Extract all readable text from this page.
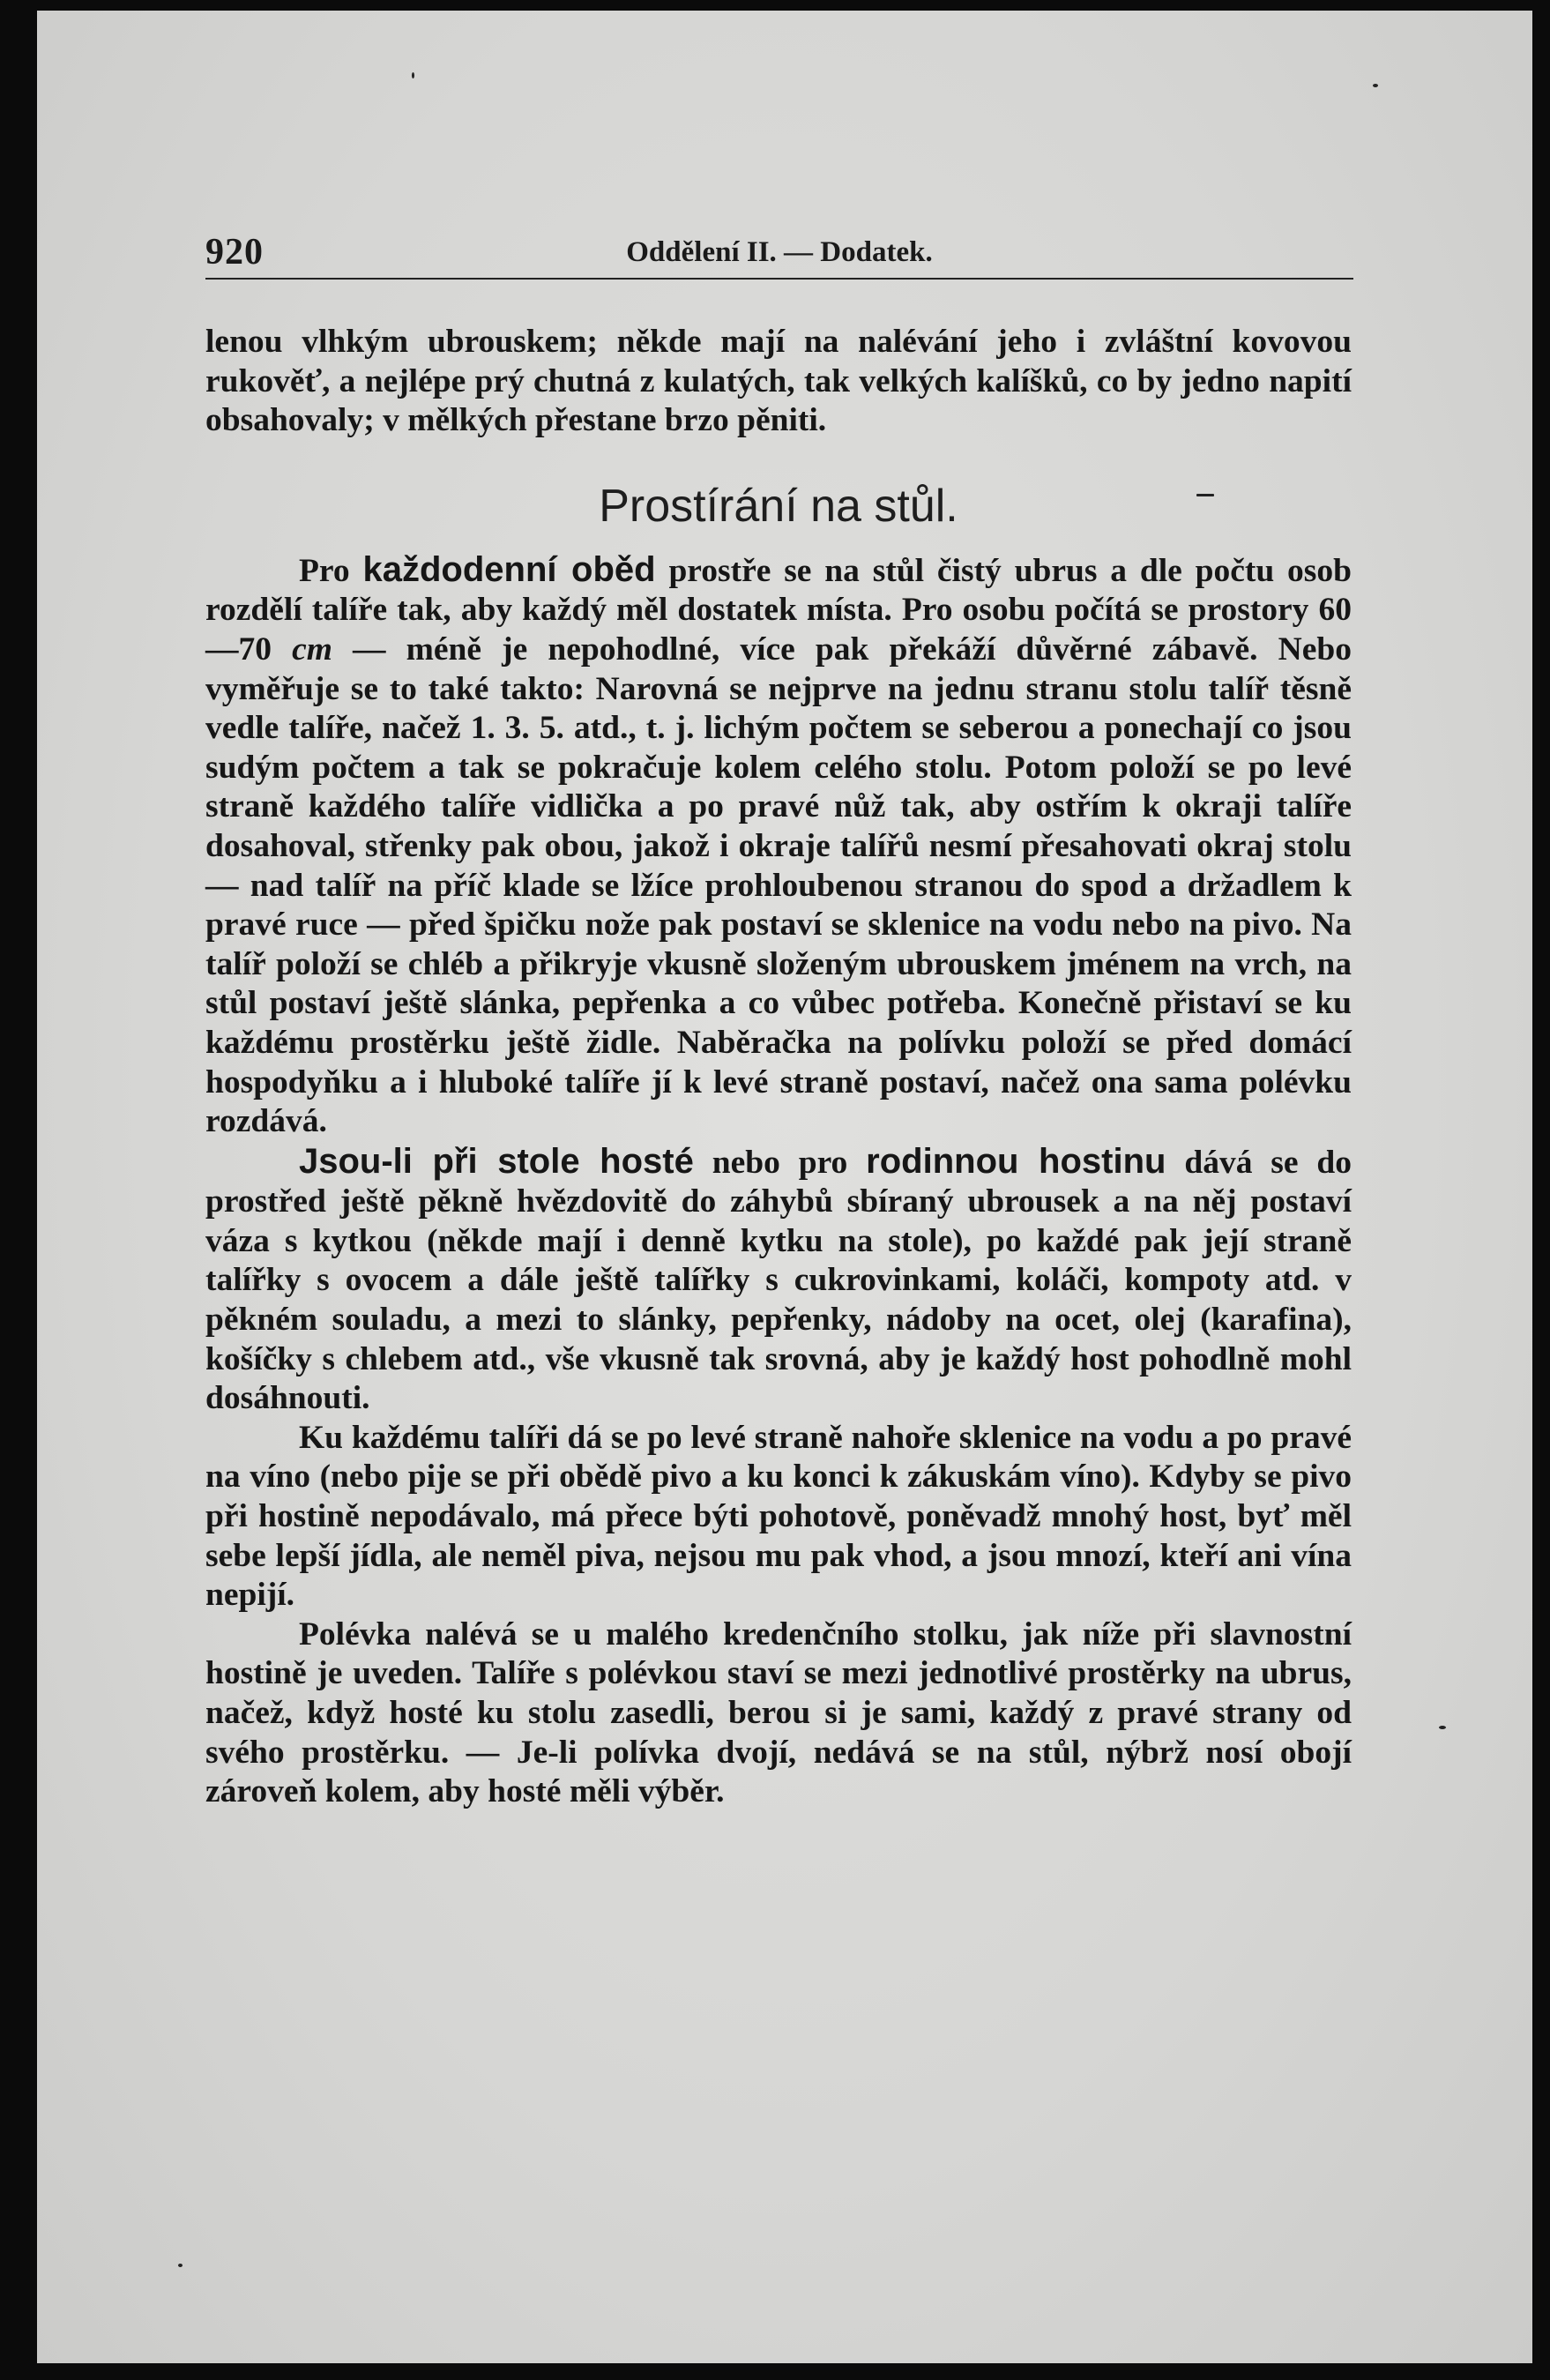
920	Oddělení II. — Dodatek.

lenou vlhkým ubrouskem; někde mají na nalévání jeho i zvláštní kovovou rukověť, a nejlépe prý chutná z kulatých, tak velkých kalíšků, co by jedno napití obsahovaly; v mělkých přestane brzo pěniti.

Prostírání na stůl.

Pro každodenní oběd prostře se na stůl čistý ubrus a dle počtu osob rozdělí talíře tak, aby každý měl dostatek místa. Pro osobu počítá se prostory 60—70 cm — méně je nepohodlné, více pak překáží důvěrné zábavě. Nebo vyměřuje se to také takto: Narovná se nejprve na jednu stranu stolu talíř těsně vedle talíře, načež 1. 3. 5. atd., t. j. lichým počtem se seberou a ponechají co jsou sudým počtem a tak se pokračuje kolem celého stolu. Potom položí se po levé straně každého talíře vidlička a po pravé nůž tak, aby ostřím k okraji talíře dosahoval, střenky pak obou, jakož i okraje talířů nesmí přesahovati okraj stolu — nad talíř na příč klade se lžíce prohloubenou stranou do spod a držadlem k pravé ruce — před špičku nože pak postaví se sklenice na vodu nebo na pivo. Na talíř položí se chléb a přikryje vkusně složeným ubrouskem jménem na vrch, na stůl postaví ještě slánka, pepřenka a co vůbec potřeba. Konečně přistaví se ku každému prostěrku ještě židle. Naběračka na polívku položí se před domácí hospodyňku a i hluboké talíře jí k levé straně postaví, načež ona sama polévku rozdává.

Jsou-li při stole hosté nebo pro rodinnou hostinu dává se do prostřed ještě pěkně hvězdovitě do záhybů sbíraný ubrousek a na něj postaví váza s kytkou (někde mají i denně kytku na stole), po každé pak její straně talířky s ovocem a dále ještě talířky s cukrovinkami, koláči, kompoty atd. v pěkném souladu, a mezi to slánky, pepřenky, nádoby na ocet, olej (karafina), košíčky s chlebem atd., vše vkusně tak srovná, aby je každý host pohodlně mohl dosáhnouti.

Ku každému talíři dá se po levé straně nahoře sklenice na vodu a po pravé na víno (nebo pije se při obědě pivo a ku konci k zákuskám víno). Kdyby se pivo při hostině nepodávalo, má přece býti pohotově, poněvadž mnohý host, byť měl sebe lepší jídla, ale neměl piva, nejsou mu pak vhod, a jsou mnozí, kteří ani vína nepijí.

Polévka nalévá se u malého kredenčního stolku, jak níže při slavnostní hostině je uveden. Talíře s polévkou staví se mezi jednotlivé prostěrky na ubrus, načež, když hosté ku stolu zasedli, berou si je sami, každý z pravé strany od svého prostěrku. — Je-li polívka dvojí, nedává se na stůl, nýbrž nosí obojí zároveň kolem, aby hosté měli výběr.
